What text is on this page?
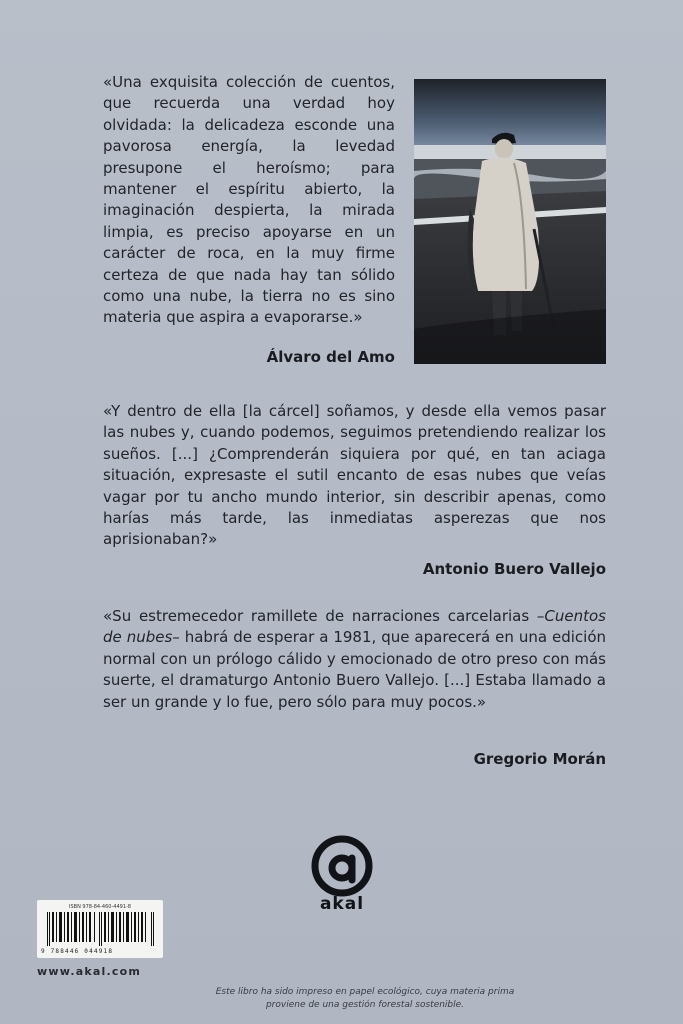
«Una exquisita colección de cuentos, que recuerda una verdad hoy olvidada: la delicadeza esconde una pavorosa energía, la levedad presupone el heroísmo; para mantener el espíritu abierto, la imaginación despierta, la mirada limpia, es preciso apoyarse en un carácter de roca, en la muy firme certeza de que nada hay tan sólido como una nube, la tierra no es sino materia que aspira a evaporarse.»

Álvaro del Amo

«Y dentro de ella [la cárcel] soñamos, y desde ella vemos pasar las nubes y, cuando podemos, seguimos pretendiendo realizar los sueños. [...] ¿Comprenderán siquiera por qué, en tan aciaga situación, expresaste el sutil encanto de esas nubes que veías vagar por tu ancho mundo interior, sin describir apenas, como harías más tarde, las inmediatas asperezas que nos aprisionaban?»

Antonio Buero Vallejo

«Su estremecedor ramillete de narraciones carcelarias –Cuentos de nubes– habrá de esperar a 1981, que aparecerá en una edición normal con un prólogo cálido y emocionado de otro preso con más suerte, el dramaturgo Antonio Buero Vallejo. [...] Estaba llamado a ser un grande y lo fue, pero sólo para muy pocos.»

Gregorio Morán
akal
ISBN 978-84-460-4491-8
9 788446 044918
www.akal.com
Este libro ha sido impreso en papel ecológico, cuya materia prima
proviene de una gestión forestal sostenible.
